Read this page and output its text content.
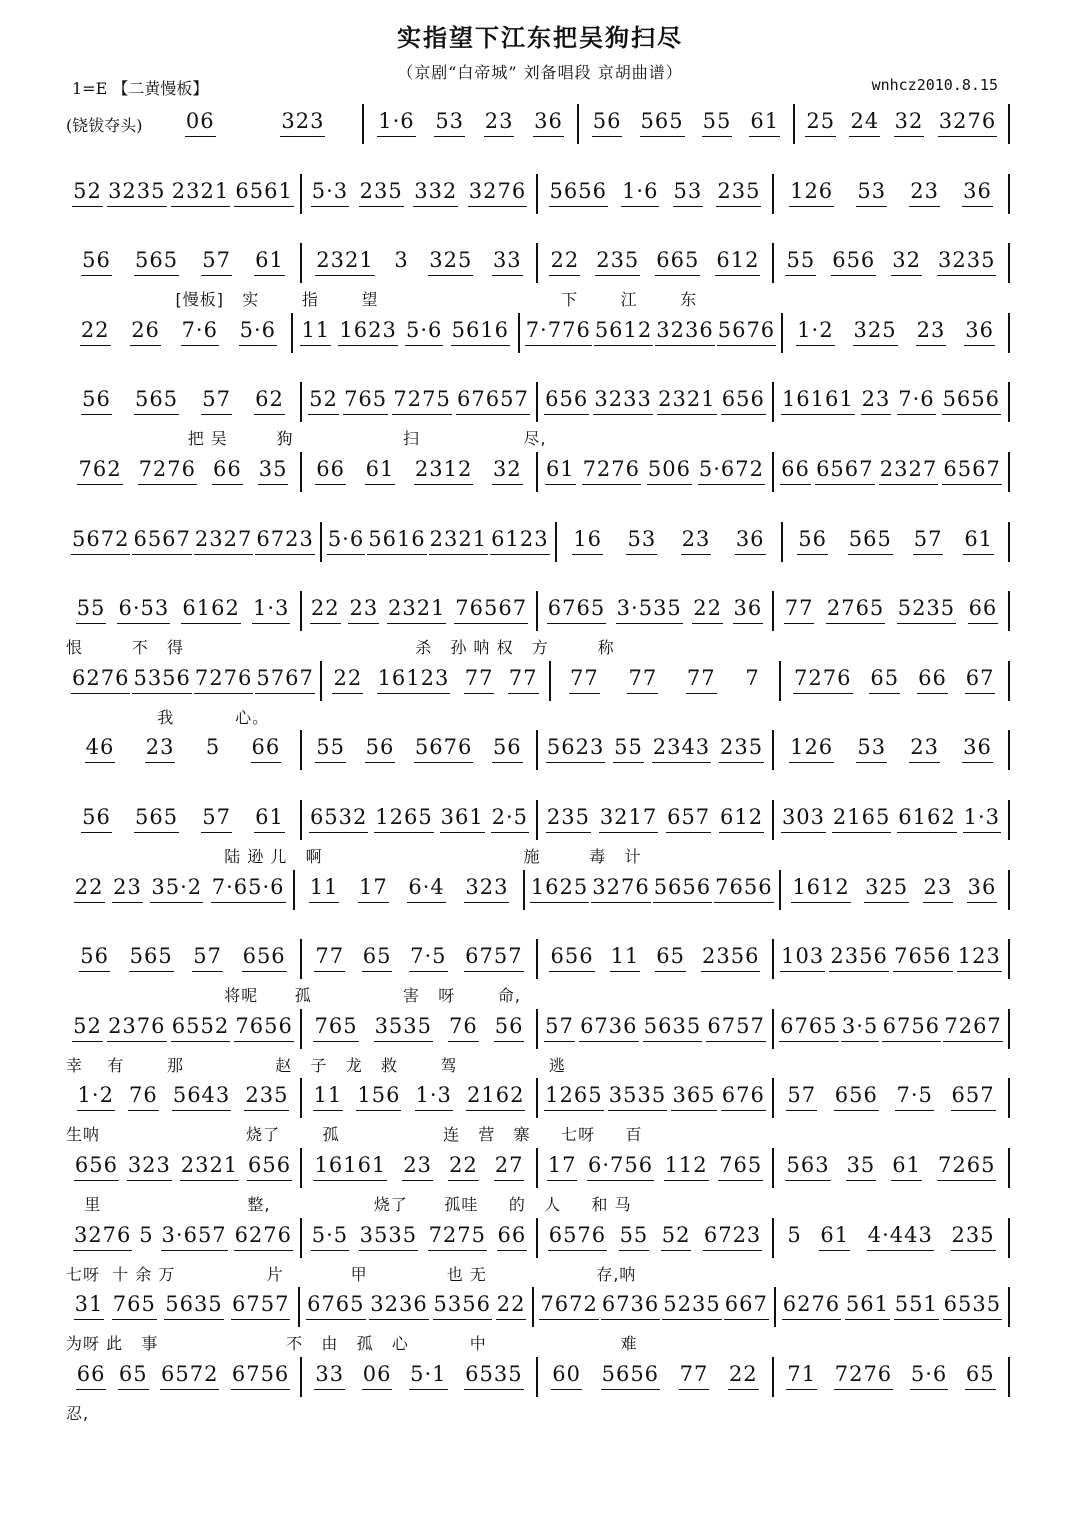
实指望下江东把吴狗扫尽
（京剧“白帝城” 刘备唱段 京胡曲谱）
1=E 【二黄慢板】	wnhcz2010.8.15
(铙钹夺头) 06	323	1·6 53 23 36 56 565 55 61 25 24 32 3276
52 3235 2321 6561 5·3 235 332 3276 5656 1·6 53 235 126 53 23 36
56 565 57 61 2321 3 325 33 22 235 665 612 55 656 32 3235
[慢板]   实       指       望                              下       江       东
22 26 7·6 5·6 11 1623 5·6 5616 7·776 5612 3236 5676 1·2 325 23 36
56 565 57 62 52 765 7275 67657 656 3233 2321 656 16161 23 7·6 5656
把 吴        狗                  扫                 尽,
762 7276 66 35 66 61 2312 32 61 7276 506 5·672 66 6567 2327 6567
5672 6567 2327 6723 5·6 5616 2321 6123 16 53 23 36 56 565 57 61
55 6·53 6162 1·3 22 23 2321 76567 6765 3·535 22 36 77 2765 5235 66
恨        不   得                                      杀   孙 呐 权   方        称
6276 5356 7276 5767 22 16123 77 77 77 77 77 7 7276 65 66 67
我          心。
46 23 5 66 55 56 5676 56 5623 55 2343 235 126 53 23 36
56 565 57 61 6532 1265 361 2·5 235 3217 657 612 303 2165 6162 1·3
陆 逊 儿   啊                                 施        毒   计
22 23 35·2 7·65·6 11 17 6·4 323 1625 3276 5656 7656 1612 325 23 36
56 565 57 656 77 65 7·5 6757 656 11 65 2356 103 2356 7656 123
将呢      孤               害   呀       命,
52 2376 6552 7656 765 3535 76 56 57 6736 5635 6757 6765 3·5 6756 7267
幸    有       那               赵   子   龙   救       驾               逃
1·2 76 5643 235 11 156 1·3 2162 1265 3535 365 676 57 656 7·5 657
生呐                        烧了       孤                 连   营   寨     七呀     百
656 323 2321 656 16161 23 22 27 17 6·756 112 765 563 35 61 7265
里                        整,                 烧了      孤哇     的   人     和 马
3276 5 3·657 6276 5·5 3535 7275 66 6576 55 52 6723 5 61 4·443 235
七呀  十 余 万               片           甲             也 无                  存,呐
31 765 5635 6757 6765 3236 5356 22 7672 6736 5235 667 6276 561 551 6535
为呀 此   事                     不   由   孤   心          中                      难
66 65 6572 6756 33 06 5·1 6535 60 5656 77 22 71 7276 5·6 65
忍,
